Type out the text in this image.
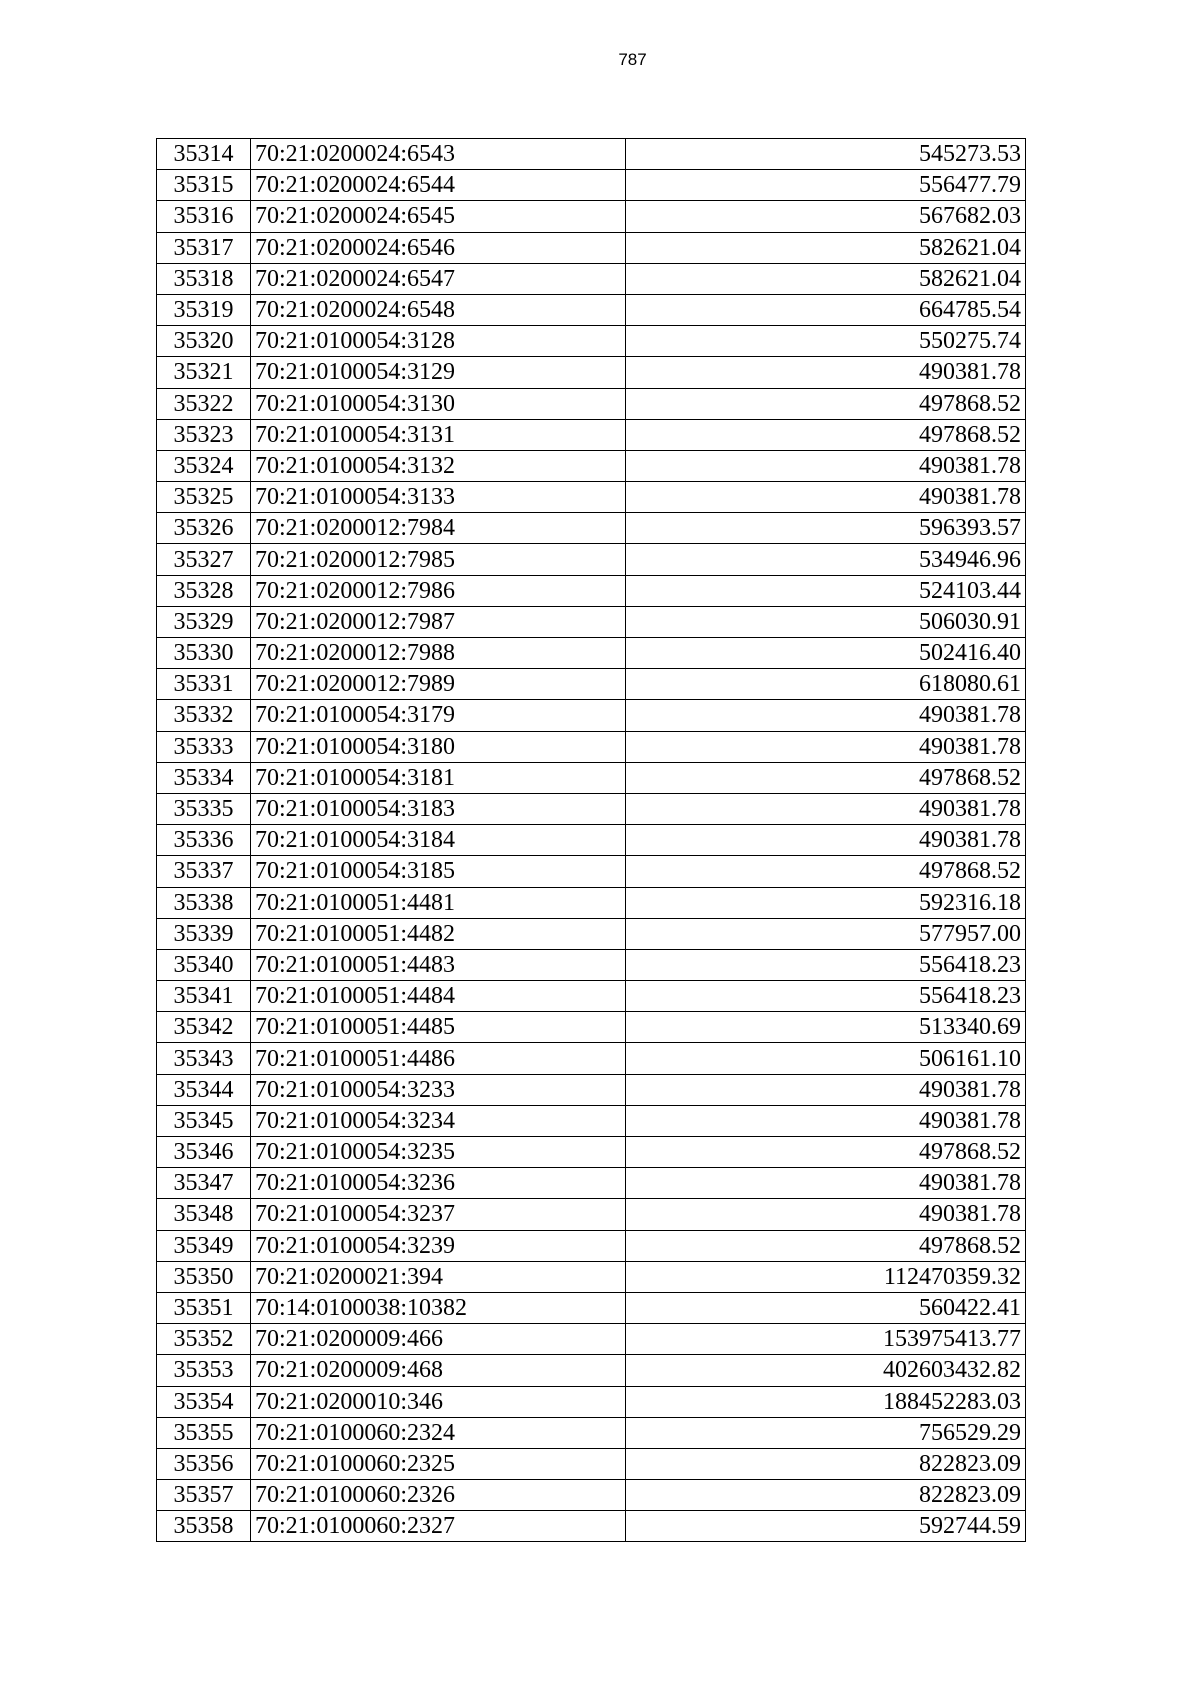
787
35314	70:21:0200024:6543	545273.53
35315	70:21:0200024:6544	556477.79
35316	70:21:0200024:6545	567682.03
35317	70:21:0200024:6546	582621.04
35318	70:21:0200024:6547	582621.04
35319	70:21:0200024:6548	664785.54
35320	70:21:0100054:3128	550275.74
35321	70:21:0100054:3129	490381.78
35322	70:21:0100054:3130	497868.52
35323	70:21:0100054:3131	497868.52
35324	70:21:0100054:3132	490381.78
35325	70:21:0100054:3133	490381.78
35326	70:21:0200012:7984	596393.57
35327	70:21:0200012:7985	534946.96
35328	70:21:0200012:7986	524103.44
35329	70:21:0200012:7987	506030.91
35330	70:21:0200012:7988	502416.40
35331	70:21:0200012:7989	618080.61
35332	70:21:0100054:3179	490381.78
35333	70:21:0100054:3180	490381.78
35334	70:21:0100054:3181	497868.52
35335	70:21:0100054:3183	490381.78
35336	70:21:0100054:3184	490381.78
35337	70:21:0100054:3185	497868.52
35338	70:21:0100051:4481	592316.18
35339	70:21:0100051:4482	577957.00
35340	70:21:0100051:4483	556418.23
35341	70:21:0100051:4484	556418.23
35342	70:21:0100051:4485	513340.69
35343	70:21:0100051:4486	506161.10
35344	70:21:0100054:3233	490381.78
35345	70:21:0100054:3234	490381.78
35346	70:21:0100054:3235	497868.52
35347	70:21:0100054:3236	490381.78
35348	70:21:0100054:3237	490381.78
35349	70:21:0100054:3239	497868.52
35350	70:21:0200021:394	112470359.32
35351	70:14:0100038:10382	560422.41
35352	70:21:0200009:466	153975413.77
35353	70:21:0200009:468	402603432.82
35354	70:21:0200010:346	188452283.03
35355	70:21:0100060:2324	756529.29
35356	70:21:0100060:2325	822823.09
35357	70:21:0100060:2326	822823.09
35358	70:21:0100060:2327	592744.59
